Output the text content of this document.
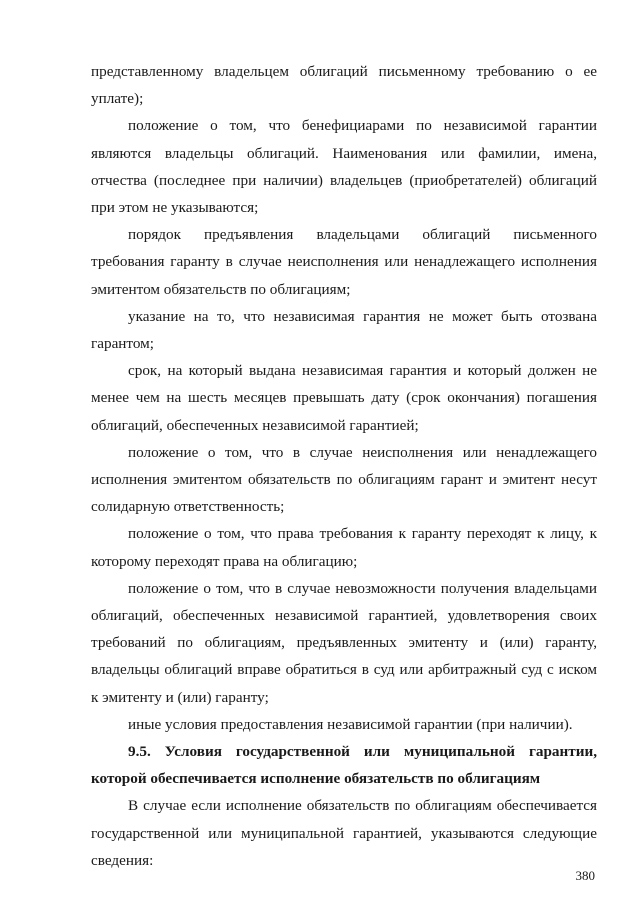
представленному владельцем облигаций письменному требованию о ее уплате);

положение о том, что бенефициарами по независимой гарантии являются владельцы облигаций. Наименования или фамилии, имена, отчества (последнее при наличии) владельцев (приобретателей) облигаций при этом не указываются;

порядок предъявления владельцами облигаций письменного требования гаранту в случае неисполнения или ненадлежащего исполнения эмитентом обязательств по облигациям;

указание на то, что независимая гарантия не может быть отозвана гарантом;

срок, на который выдана независимая гарантия и который должен не менее чем на шесть месяцев превышать дату (срок окончания) погашения облигаций, обеспеченных независимой гарантией;

положение о том, что в случае неисполнения или ненадлежащего исполнения эмитентом обязательств по облигациям гарант и эмитент несут солидарную ответственность;

положение о том, что права требования к гаранту переходят к лицу, к которому переходят права на облигацию;

положение о том, что в случае невозможности получения владельцами облигаций, обеспеченных независимой гарантией, удовлетворения своих требований по облигациям, предъявленных эмитенту и (или) гаранту, владельцы облигаций вправе обратиться в суд или арбитражный суд с иском к эмитенту и (или) гаранту;

иные условия предоставления независимой гарантии (при наличии).

9.5. Условия государственной или муниципальной гарантии, которой обеспечивается исполнение обязательств по облигациям

В случае если исполнение обязательств по облигациям обеспечивается государственной или муниципальной гарантией, указываются следующие сведения:

380
